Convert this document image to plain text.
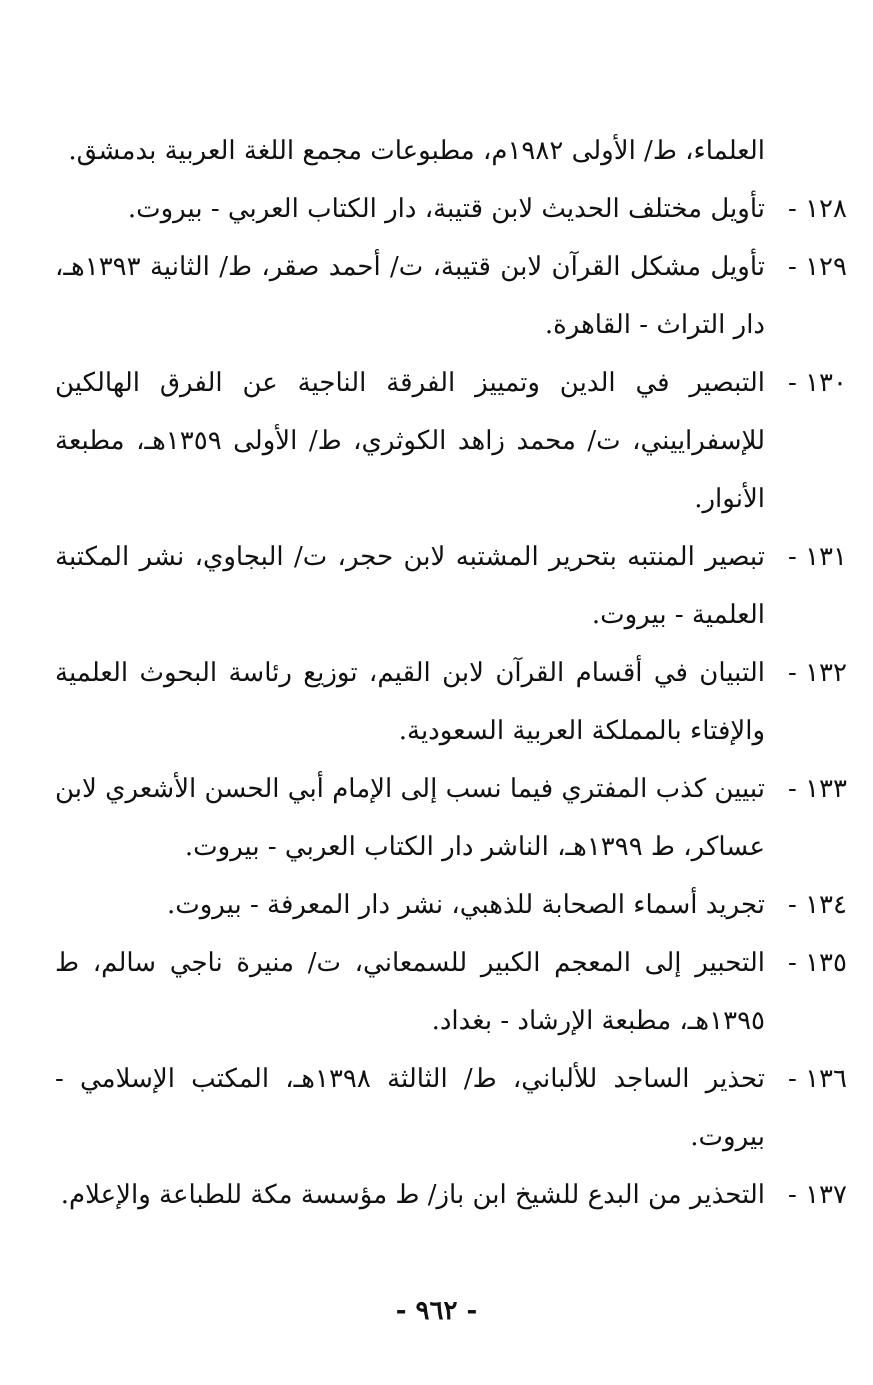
العلماء، ط/ الأولى ١٩٨٢م، مطبوعات مجمع اللغة العربية بدمشق.
١٢٨ -
تأويل مختلف الحديث لابن قتيبة، دار الكتاب العربي - بيروت.
١٢٩ -
تأويل مشكل القرآن لابن قتيبة، ت/ أحمد صقر، ط/ الثانية ١٣٩٣هـ، دار التراث - القاهرة.
١٣٠ -
التبصير في الدين وتمييز الفرقة الناجية عن الفرق الهالكين للإسفراييني، ت/ محمد زاهد الكوثري، ط/ الأولى ١٣٥٩هـ، مطبعة الأنوار.
١٣١ -
تبصير المنتبه بتحرير المشتبه لابن حجر، ت/ البجاوي، نشر المكتبة العلمية - بيروت.
١٣٢ -
التبيان في أقسام القرآن لابن القيم، توزيع رئاسة البحوث العلمية والإفتاء بالمملكة العربية السعودية.
١٣٣ -
تبيين كذب المفتري فيما نسب إلى الإمام أبي الحسن الأشعري لابن عساكر، ط ١٣٩٩هـ، الناشر دار الكتاب العربي - بيروت.
١٣٤ -
تجريد أسماء الصحابة للذهبي، نشر دار المعرفة - بيروت.
١٣٥ -
التحبير إلى المعجم الكبير للسمعاني، ت/ منيرة ناجي سالم، ط ١٣٩٥هـ، مطبعة الإرشاد - بغداد.
١٣٦ -
تحذير الساجد للألباني، ط/ الثالثة ١٣٩٨هـ، المكتب الإسلامي - بيروت.
١٣٧ -
التحذير من البدع للشيخ ابن باز/ ط مؤسسة مكة للطباعة والإعلام.
- ٩٦٢ -
